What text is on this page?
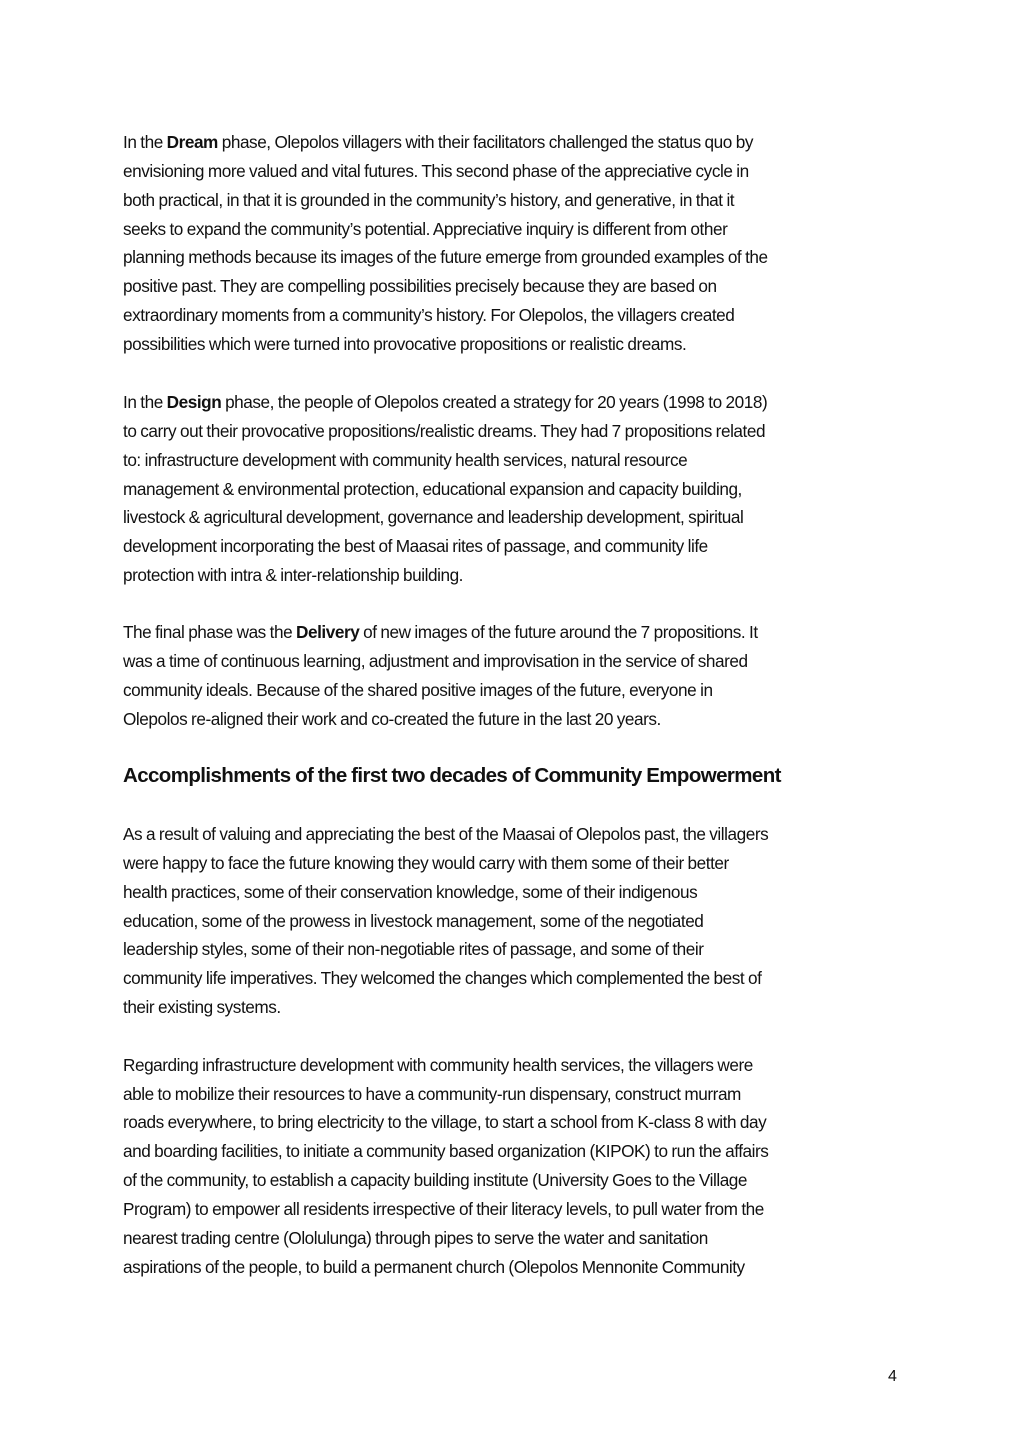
In the Dream phase, Olepolos villagers with their facilitators challenged the status quo by
envisioning more valued and vital futures. This second phase of the appreciative cycle in
both practical, in that it is grounded in the community’s history, and generative, in that it
seeks to expand the community’s potential. Appreciative inquiry is different from other
planning methods because its images of the future emerge from grounded examples of the
positive past. They are compelling possibilities precisely because they are based on
extraordinary moments from a community’s history. For Olepolos, the villagers created
possibilities which were turned into provocative propositions or realistic dreams.
In the Design phase, the people of Olepolos created a strategy for 20 years (1998 to 2018)
to carry out their provocative propositions/realistic dreams. They had 7 propositions related
to: infrastructure development with community health services, natural resource
management & environmental protection, educational expansion and capacity building,
livestock & agricultural development, governance and leadership development, spiritual
development incorporating the best of Maasai rites of passage, and community life
protection with intra & inter-relationship building.
The final phase was the Delivery of new images of the future around the 7 propositions. It
was a time of continuous learning, adjustment and improvisation in the service of shared
community ideals. Because of the shared positive images of the future, everyone in
Olepolos re-aligned their work and co-created the future in the last 20 years.
Accomplishments of the first two decades of Community Empowerment
As a result of valuing and appreciating the best of the Maasai of Olepolos past, the villagers
were happy to face the future knowing they would carry with them some of their better
health practices, some of their conservation knowledge, some of their indigenous
education, some of the prowess in livestock management, some of the negotiated
leadership styles, some of their non-negotiable rites of passage, and some of their
community life imperatives. They welcomed the changes which complemented the best of
their existing systems.
Regarding infrastructure development with community health services, the villagers were
able to mobilize their resources to have a community-run dispensary, construct murram
roads everywhere, to bring electricity to the village, to start a school from K-class 8 with day
and boarding facilities, to initiate a community based organization (KIPOK) to run the affairs
of the community, to establish a capacity building institute (University Goes to the Village
Program) to empower all residents irrespective of their literacy levels, to pull water from the
nearest trading centre (Ololulunga) through pipes to serve the water and sanitation
aspirations of the people, to build a permanent church (Olepolos Mennonite Community
4
